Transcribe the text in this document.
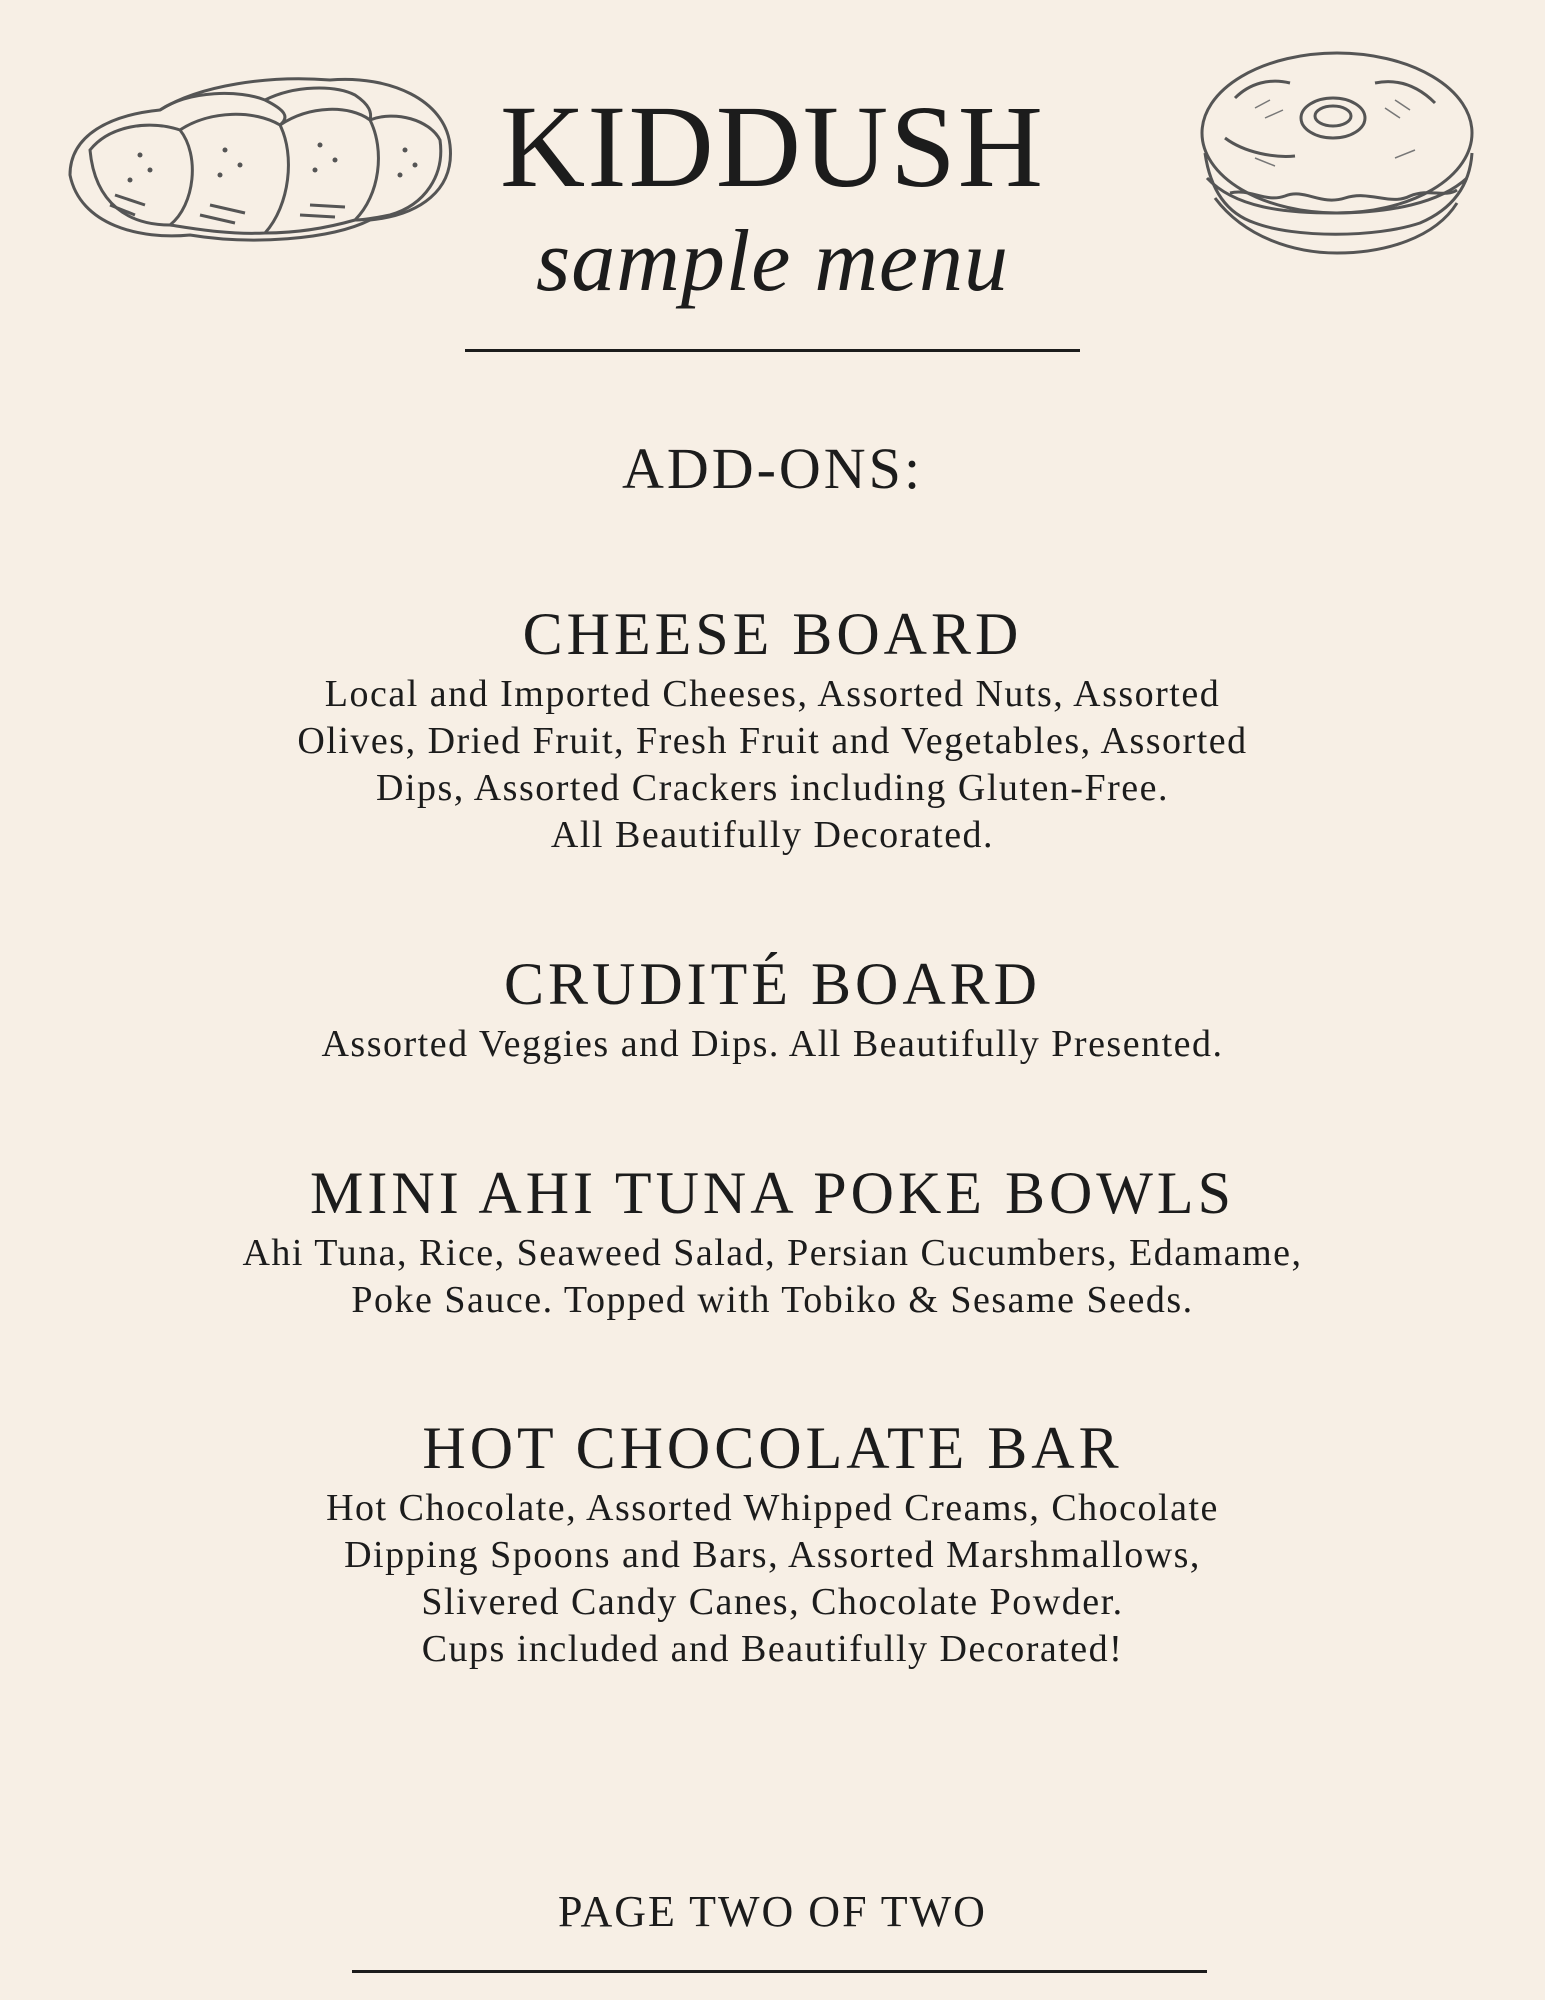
KIDDUSH
sample menu
ADD-ONS:
CHEESE BOARD
Local and Imported Cheeses, Assorted Nuts, Assorted
Olives, Dried Fruit, Fresh Fruit and Vegetables, Assorted
Dips, Assorted Crackers including Gluten-Free.
All Beautifully Decorated.
CRUDITÉ BOARD
Assorted Veggies and Dips. All Beautifully Presented.
MINI AHI TUNA POKE BOWLS
Ahi Tuna, Rice, Seaweed Salad, Persian Cucumbers, Edamame,
Poke Sauce. Topped with Tobiko & Sesame Seeds.
HOT CHOCOLATE BAR
Hot Chocolate, Assorted Whipped Creams, Chocolate
Dipping Spoons and Bars, Assorted Marshmallows,
Slivered Candy Canes, Chocolate Powder.
Cups included and Beautifully Decorated!
PAGE TWO OF TWO
